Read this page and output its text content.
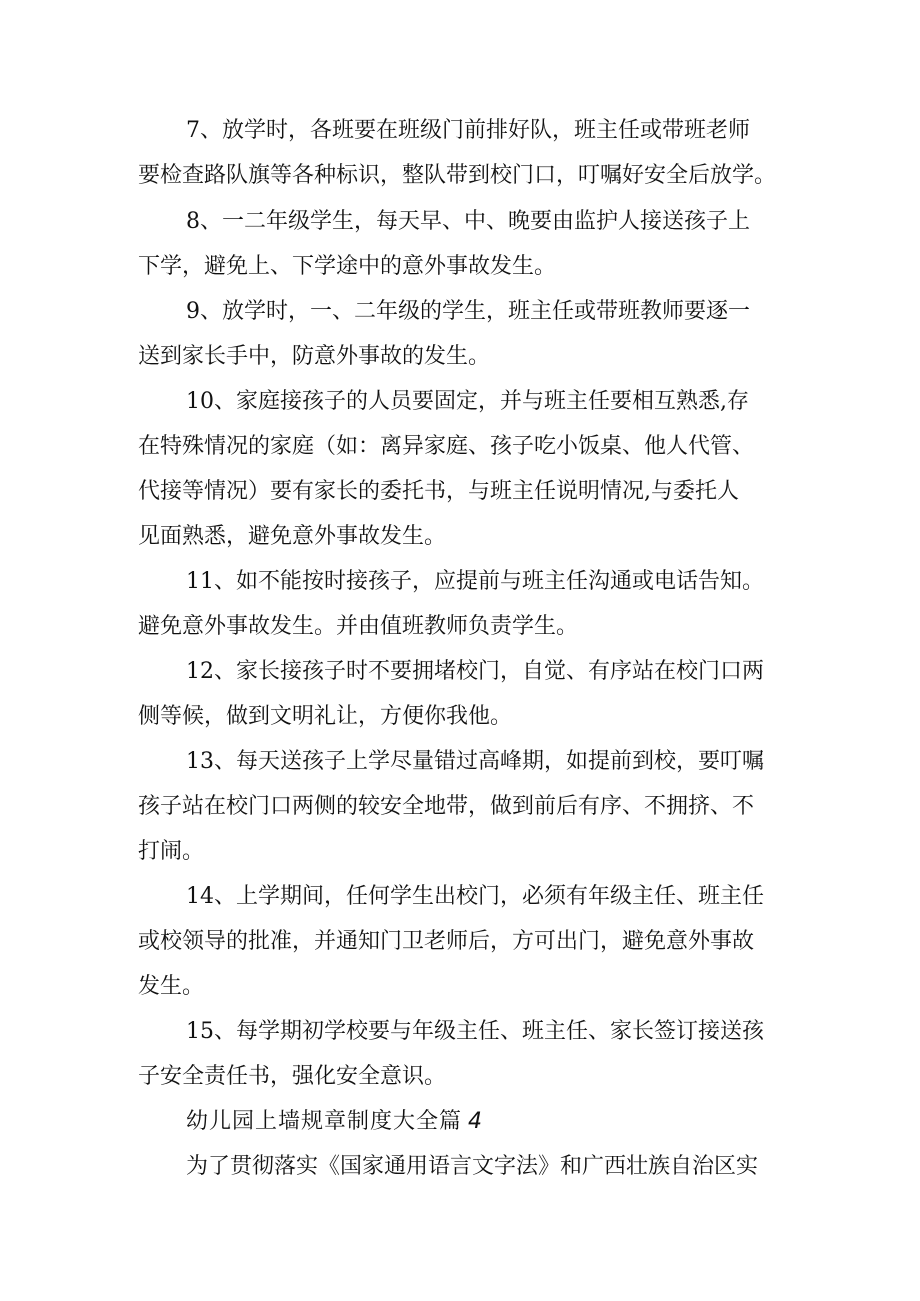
7、放学时，各班要在班级门前排好队，班主任或带班老师
要检查路队旗等各种标识，整队带到校门口，叮嘱好安全后放学。
8、一二年级学生，每天早、中、晚要由监护人接送孩子上
下学，避免上、下学途中的意外事故发生。
9、放学时，一、二年级的学生，班主任或带班教师要逐一
送到家长手中，防意外事故的发生。
10、家庭接孩子的人员要固定，并与班主任要相互熟悉,存
在特殊情况的家庭（如：离异家庭、孩子吃小饭桌、他人代管、
代接等情况）要有家长的委托书，与班主任说明情况,与委托人
见面熟悉，避免意外事故发生。
11、如不能按时接孩子，应提前与班主任沟通或电话告知。
避免意外事故发生。并由值班教师负责学生。
12、家长接孩子时不要拥堵校门，自觉、有序站在校门口两
侧等候，做到文明礼让，方便你我他。
13、每天送孩子上学尽量错过高峰期，如提前到校，要叮嘱
孩子站在校门口两侧的较安全地带，做到前后有序、不拥挤、不
打闹。
14、上学期间，任何学生出校门，必须有年级主任、班主任
或校领导的批准，并通知门卫老师后，方可出门，避免意外事故
发生。
15、每学期初学校要与年级主任、班主任、家长签订接送孩
子安全责任书，强化安全意识。
幼儿园上墙规章制度大全篇 4
为了贯彻落实《国家通用语言文字法》和广西壮族自治区实
